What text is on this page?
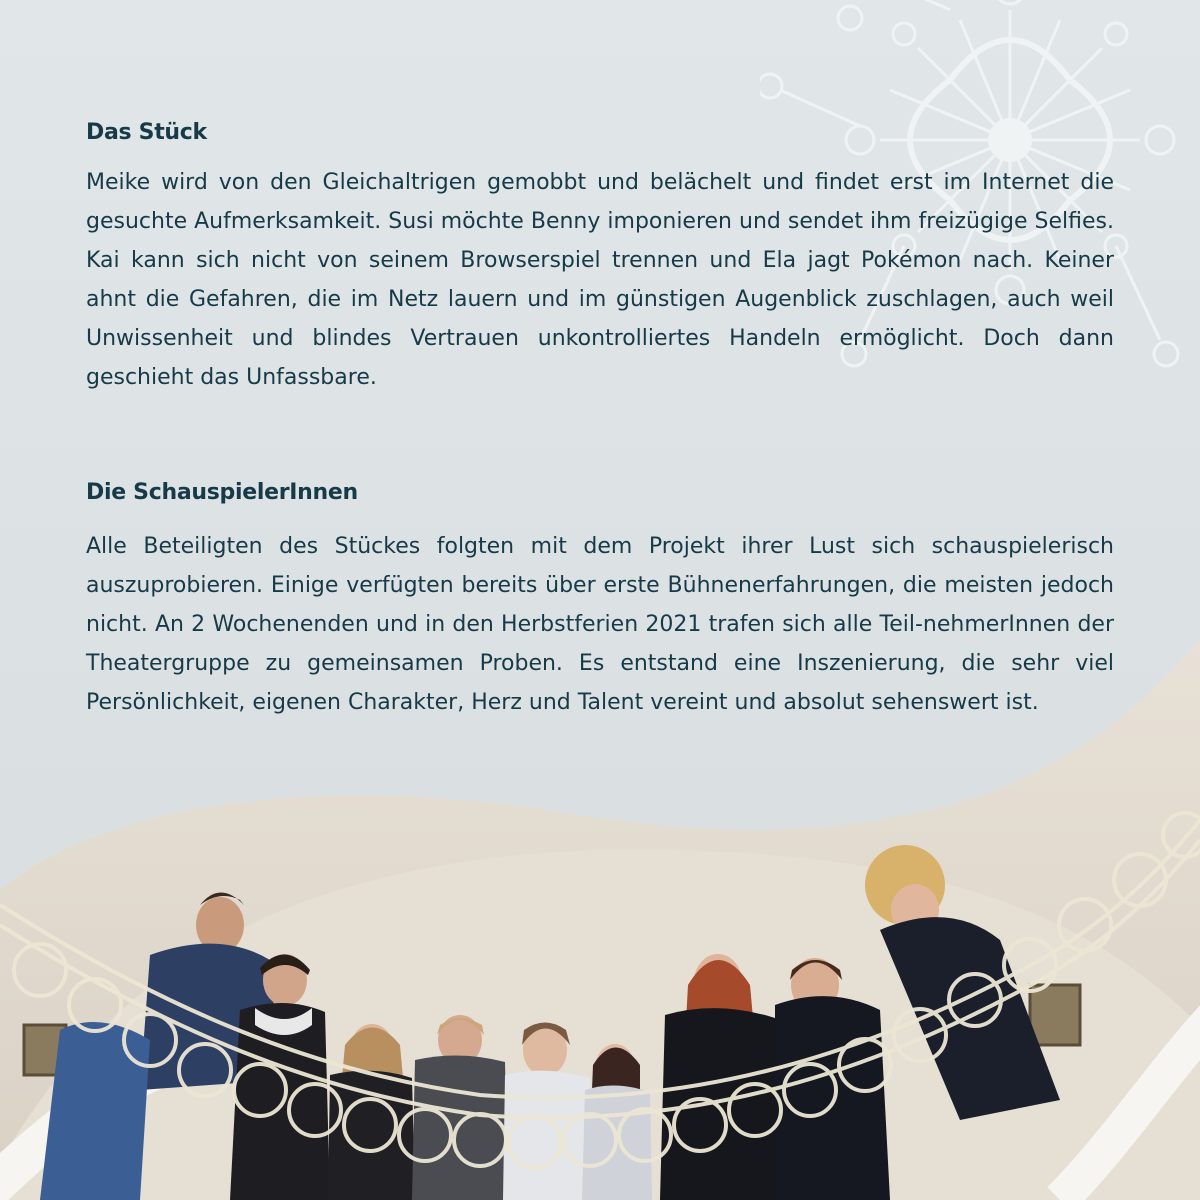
Das Stück

Meike wird von den Gleichaltrigen gemobbt und belächelt und findet erst im Internet die gesuchte Aufmerksamkeit. Susi möchte Benny imponieren und sendet ihm freizügige Selfies. Kai kann sich nicht von seinem Browserspiel trennen und Ela jagt Pokémon nach. Keiner ahnt die Gefahren, die im Netz lauern und im günstigen Augenblick zuschlagen, auch weil Unwissenheit und blindes Vertrauen unkontrolliertes Handeln ermöglicht. Doch dann geschieht das Unfassbare.

Die SchauspielerInnen

Alle Beteiligten des Stückes folgten mit dem Projekt ihrer Lust sich schauspielerisch auszuprobieren. Einige verfügten bereits über erste Bühnenerfahrungen, die meisten jedoch nicht. An 2 Wochenenden und in den Herbstferien 2021 trafen sich alle Teil-nehmerInnen der Theatergruppe zu gemeinsamen Proben. Es entstand eine Inszenierung, die sehr viel Persönlichkeit, eigenen Charakter, Herz und Talent vereint und absolut sehenswert ist.
